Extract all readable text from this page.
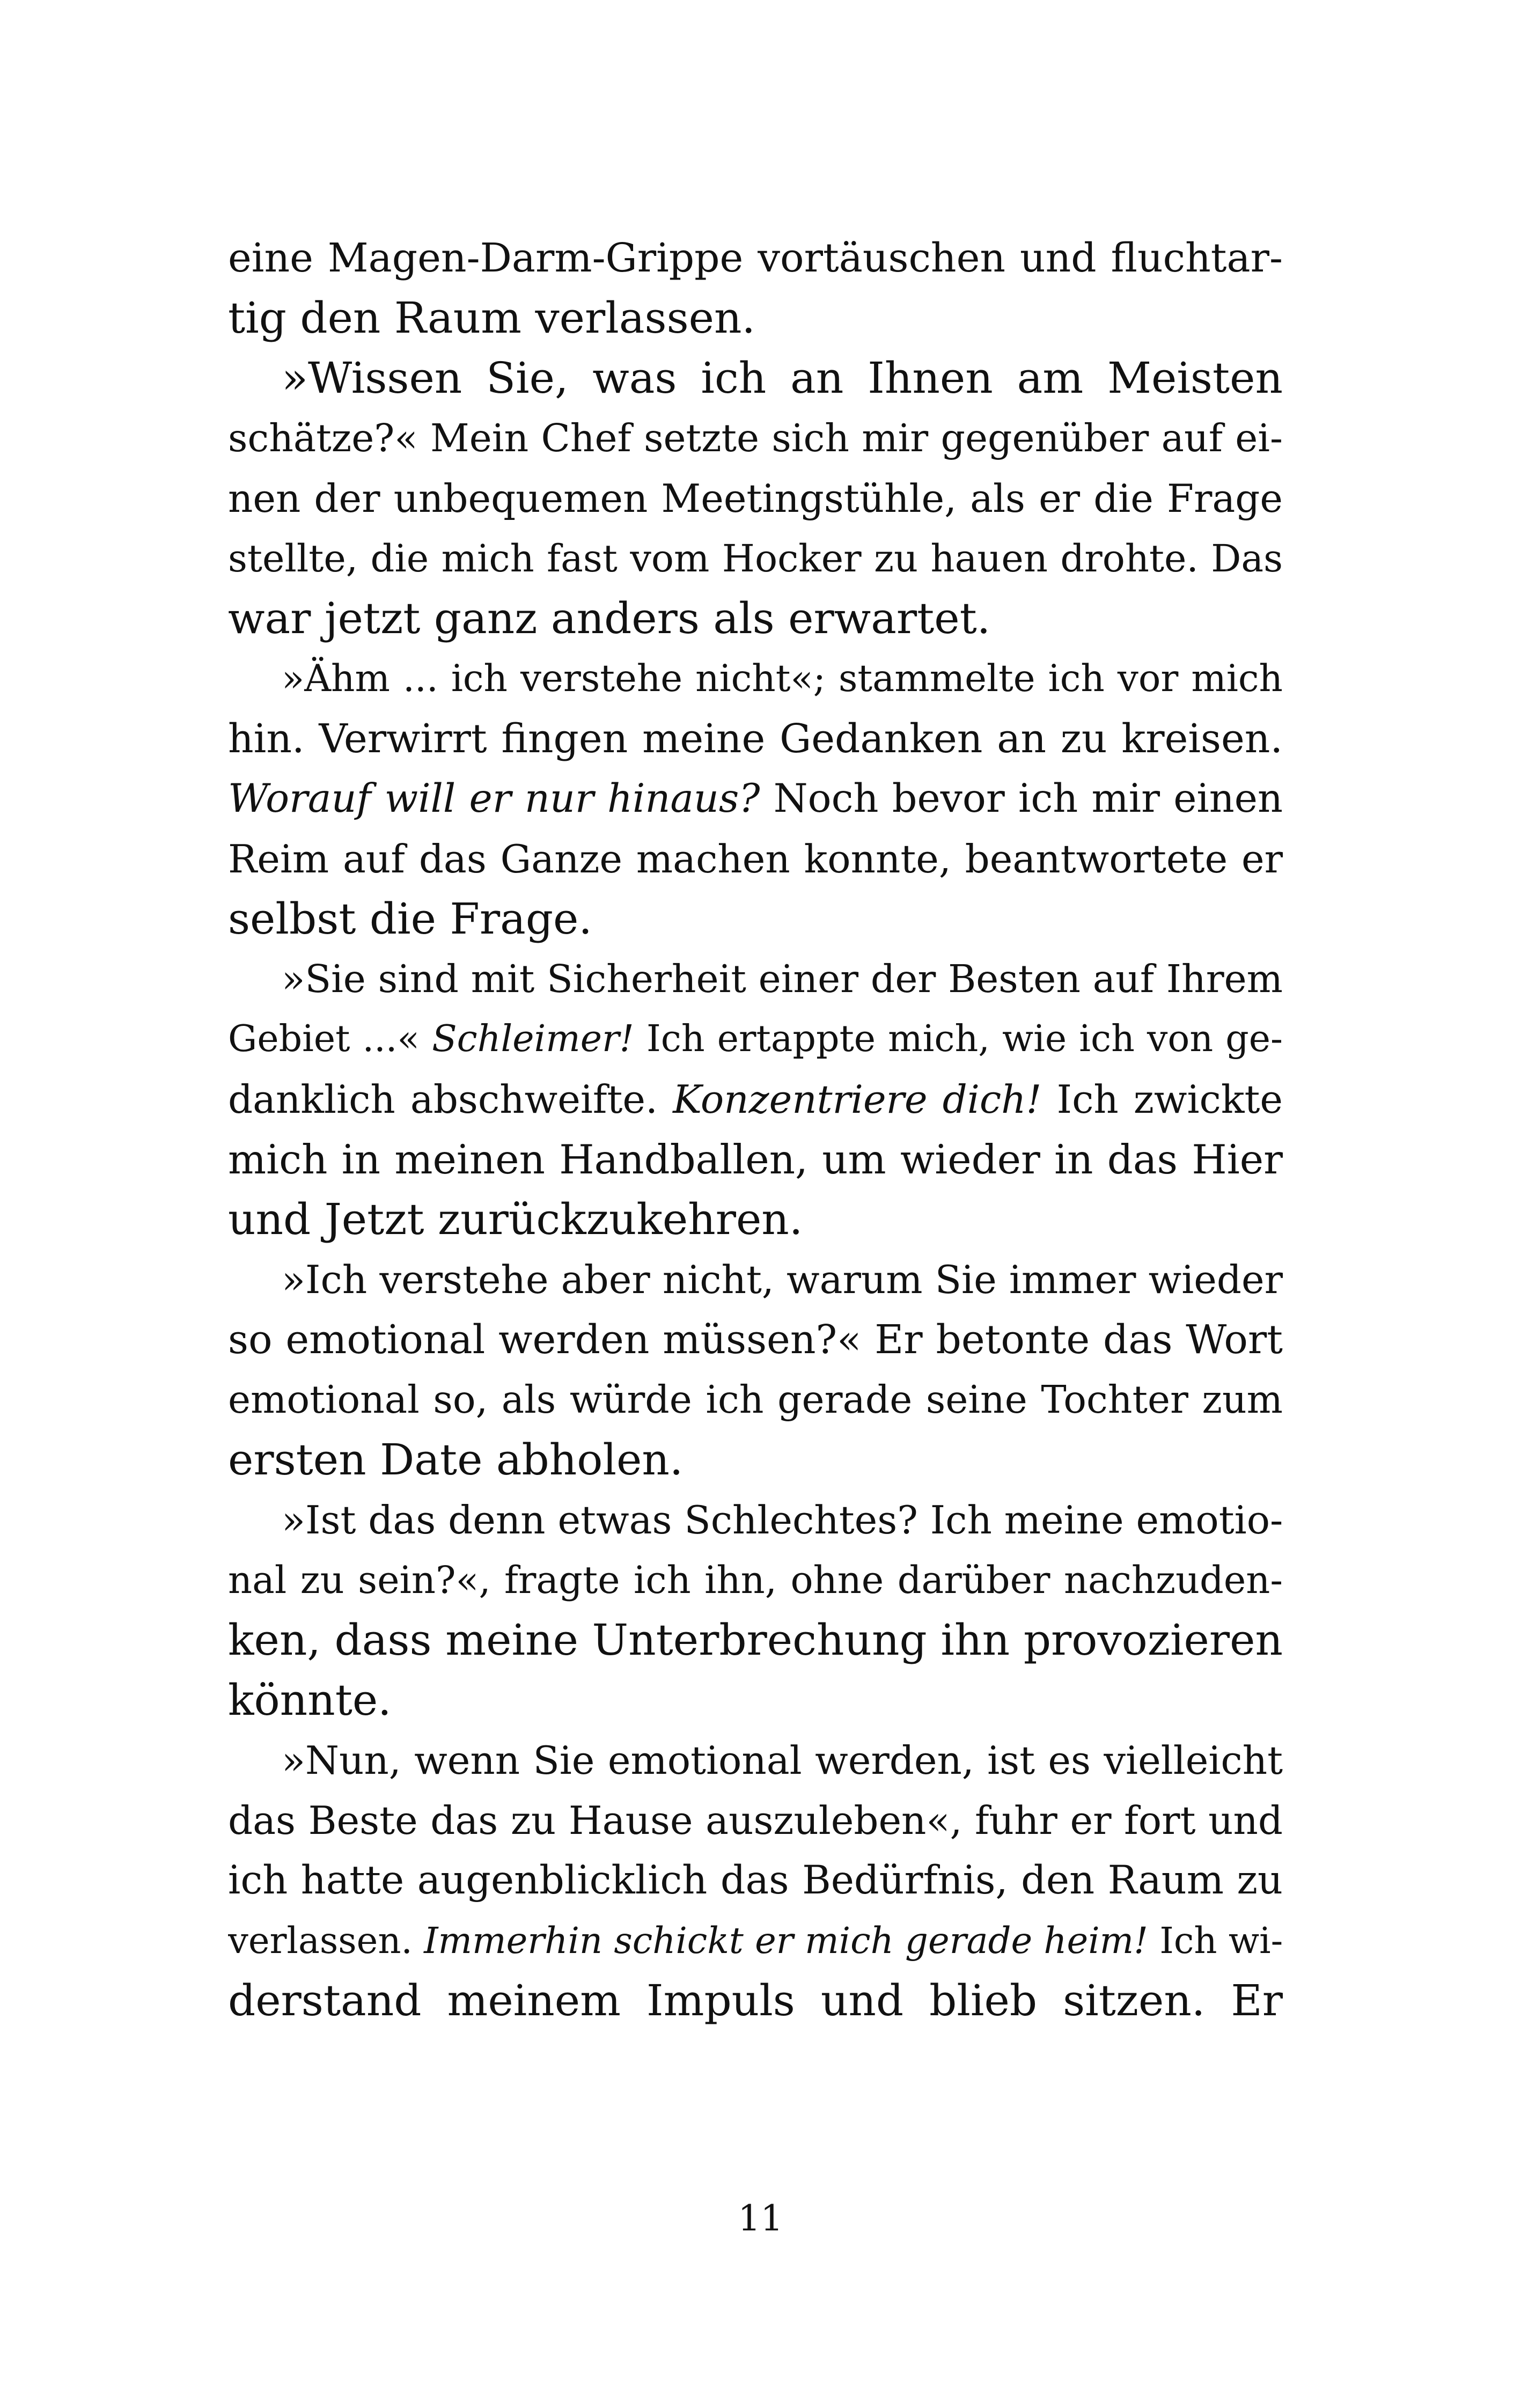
eine Magen-Darm-Grippe vortäuschen und fluchtar-
tig den Raum verlassen.
»Wissen Sie, was ich an Ihnen am Meisten
schätze?« Mein Chef setzte sich mir gegenüber auf ei-
nen der unbequemen Meetingstühle, als er die Frage
stellte, die mich fast vom Hocker zu hauen drohte. Das
war jetzt ganz anders als erwartet.
»Ähm ... ich verstehe nicht«; stammelte ich vor mich
hin. Verwirrt fingen meine Gedanken an zu kreisen.
Worauf will er nur hinaus? Noch bevor ich mir einen
Reim auf das Ganze machen konnte, beantwortete er
selbst die Frage.
»Sie sind mit Sicherheit einer der Besten auf Ihrem
Gebiet ...« Schleimer! Ich ertappte mich, wie ich von ge-
danklich abschweifte. Konzentriere dich! Ich zwickte
mich in meinen Handballen, um wieder in das Hier
und Jetzt zurückzukehren.
»Ich verstehe aber nicht, warum Sie immer wieder
so emotional werden müssen?« Er betonte das Wort
emotional so, als würde ich gerade seine Tochter zum
ersten Date abholen.
»Ist das denn etwas Schlechtes? Ich meine emotio-
nal zu sein?«, fragte ich ihn, ohne darüber nachzuden-
ken, dass meine Unterbrechung ihn provozieren
könnte.
»Nun, wenn Sie emotional werden, ist es vielleicht
das Beste das zu Hause auszuleben«, fuhr er fort und
ich hatte augenblicklich das Bedürfnis, den Raum zu
verlassen. Immerhin schickt er mich gerade heim! Ich wi-
derstand meinem Impuls und blieb sitzen. Er
11
